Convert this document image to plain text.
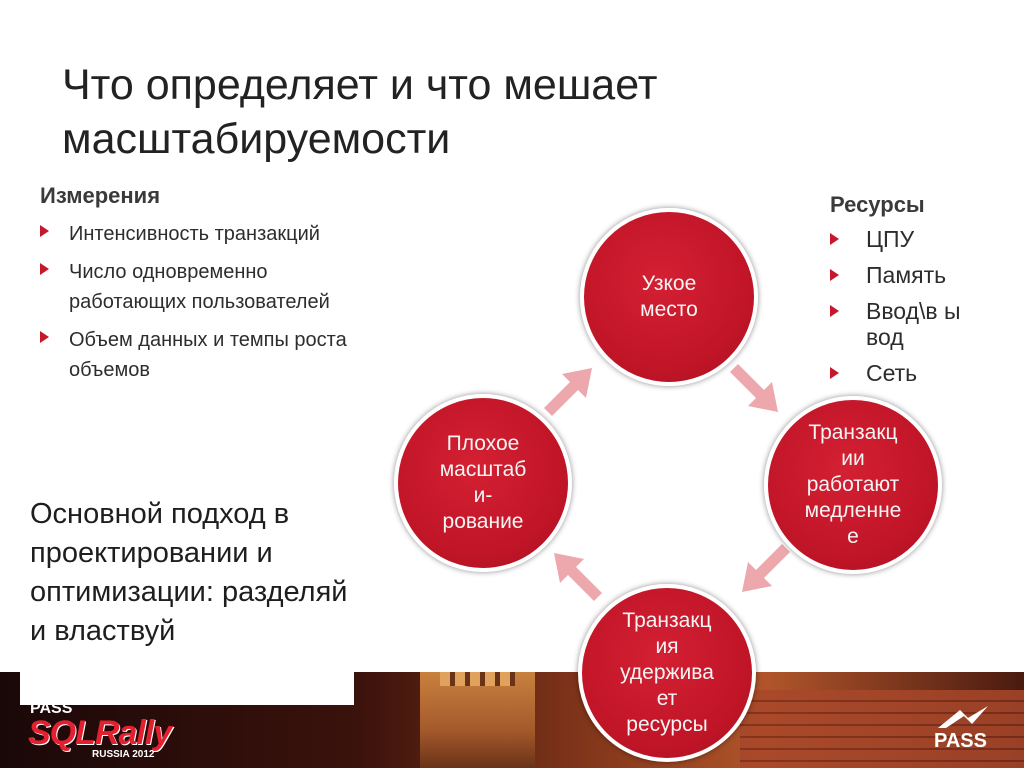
Что определяет и что мешает масштабируемости
Измерения
Интенсивность транзакций
Число одновременно работающих пользователей
Объем данных и темпы роста объемов
Ресурсы
ЦПУ
Память
Ввод\в ывод
Сеть

Основной подход в проектировании и оптимизации: разделяй и властвуй

PASS
SQLRally
RUSSIA 2012
PASS
Узкое
место
Транзакц
ии
работают
медленне
е
Транзакц
ия
удержива
ет
ресурсы
Плохое
масштаб
и-
рование
